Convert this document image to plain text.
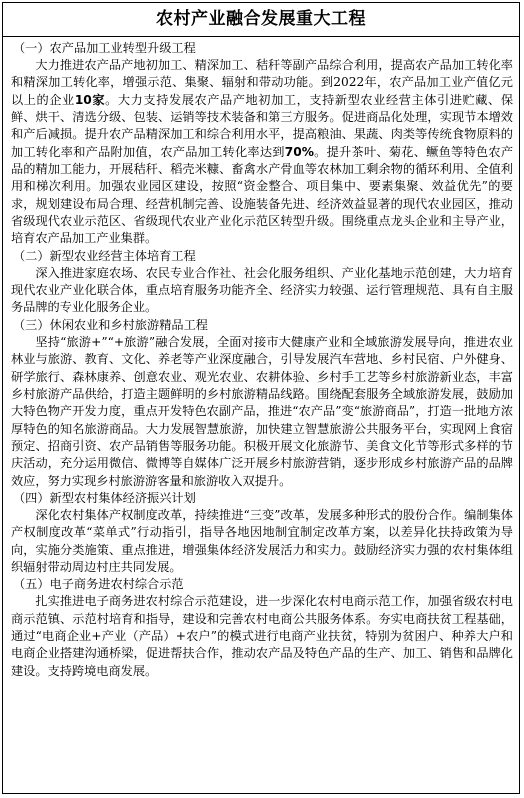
农村产业融合发展重大工程
（一）农产品加工业转型升级工程

大力推进农产品产地初加工、精深加工、秸秆等副产品综合利用，提高农产品加工转化率和精深加工转化率，增强示范、集聚、辐射和带动功能。到2022年，农产品加工业产值亿元以上的企业10家。大力支持发展农产品产地初加工，支持新型农业经营主体引进贮藏、保鲜、烘干、清选分级、包装、运销等技术装备和第三方服务。促进商品化处理，实现节本增效和产后减损。提升农产品精深加工和综合利用水平，提高粮油、果蔬、肉类等传统食物原料的加工转化率和产品附加值，农产品加工转化率达到70%。提升茶叶、菊花、鳜鱼等特色农产品的精加工能力，开展秸秆、稻壳米糠、畜禽水产骨血等农林加工剩余物的循环利用、全值利用和梯次利用。加强农业园区建设，按照“资金整合、项目集中、要素集聚、效益优先”的要求，规划建设布局合理、经营机制完善、设施装备先进、经济效益显著的现代农业园区，推动省级现代农业示范区、省级现代农业产业化示范区转型升级。围绕重点龙头企业和主导产业，培育农产品加工产业集群。

（二）新型农业经营主体培育工程

深入推进家庭农场、农民专业合作社、社会化服务组织、产业化基地示范创建，大力培育现代农业产业化联合体，重点培育服务功能齐全、经济实力较强、运行管理规范、具有自主服务品牌的专业化服务企业。

（三）休闲农业和乡村旅游精品工程

坚持“旅游+”“+旅游”融合发展，全面对接市大健康产业和全域旅游发展导向，推进农业林业与旅游、教育、文化、养老等产业深度融合，引导发展汽车营地、乡村民宿、户外健身、研学旅行、森林康养、创意农业、观光农业、农耕体验、乡村手工艺等乡村旅游新业态，丰富乡村旅游产品供给，打造主题鲜明的乡村旅游精品线路。围绕配套服务全域旅游发展，鼓励加大特色物产开发力度，重点开发特色农副产品，推进“农产品”变“旅游商品”，打造一批地方浓厚特色的知名旅游商品。大力发展智慧旅游，加快建立智慧旅游公共服务平台，实现网上食宿预定、招商引资、农产品销售等服务功能。积极开展文化旅游节、美食文化节等形式多样的节庆活动，充分运用微信、微博等自媒体广泛开展乡村旅游营销，逐步形成乡村旅游产品的品牌效应，努力实现乡村旅游游客量和旅游收入双提升。

（四）新型农村集体经济振兴计划

深化农村集体产权制度改革，持续推进“三变”改革，发展多种形式的股份合作。编制集体产权制度改革“菜单式”行动指引，指导各地因地制宜制定改革方案，以差异化扶持政策为导向，实施分类施策、重点推进，增强集体经济发展活力和实力。鼓励经济实力强的农村集体组织辐射带动周边村庄共同发展。

（五）电子商务进农村综合示范

扎实推进电子商务进农村综合示范建设，进一步深化农村电商示范工作，加强省级农村电商示范镇、示范村培育和指导，建设和完善农村电商公共服务体系。夯实电商扶贫工程基础，通过“电商企业+产业（产品）+农户”的模式进行电商产业扶贫，特别为贫困户、种养大户和电商企业搭建沟通桥梁，促进帮扶合作，推动农产品及特色产品的生产、加工、销售和品牌化建设。支持跨境电商发展。
